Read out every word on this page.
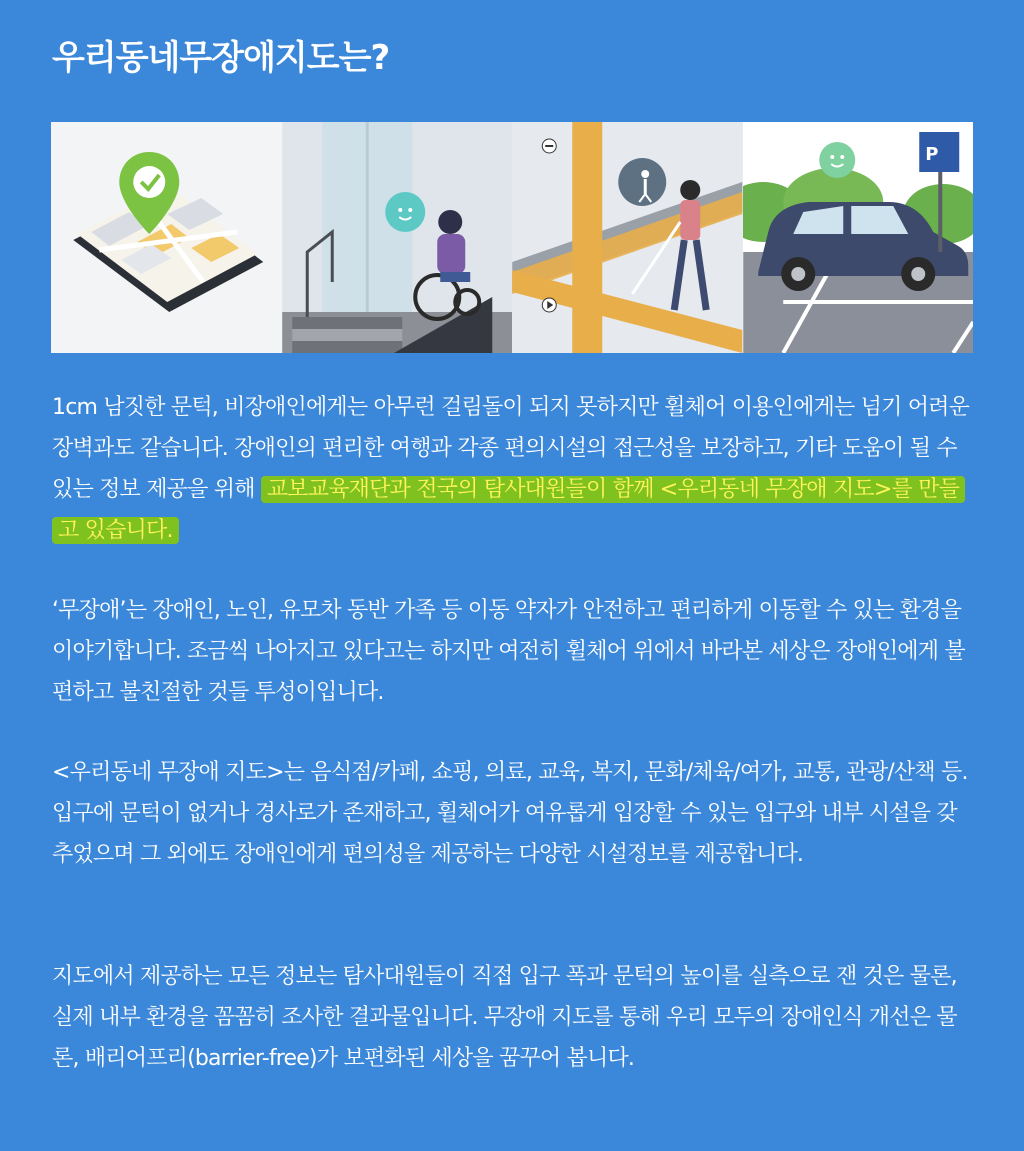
우리동네무장애지도는?
P

1cm 남짓한 문턱, 비장애인에게는 아무런 걸림돌이 되지 못하지만 휠체어 이용인에게는 넘기 어려운 장벽과도 같습니다. 장애인의 편리한 여행과 각종 편의시설의 접근성을 보장하고, 기타 도움이 될 수 있는 정보 제공을 위해 교보교육재단과 전국의 탐사대원들이 함께 <우리동네 무장애 지도>를 만들고 있습니다.

‘무장애’는 장애인, 노인, 유모차 동반 가족 등 이동 약자가 안전하고 편리하게 이동할 수 있는 환경을 이야기합니다. 조금씩 나아지고 있다고는 하지만 여전히 휠체어 위에서 바라본 세상은 장애인에게 불편하고 불친절한 것들 투성이입니다.

<우리동네 무장애 지도>는 음식점/카페, 쇼핑, 의료, 교육, 복지, 문화/체육/여가, 교통, 관광/산책 등. 입구에 문턱이 없거나 경사로가 존재하고, 휠체어가 여유롭게 입장할 수 있는 입구와 내부 시설을 갖추었으며 그 외에도 장애인에게 편의성을 제공하는 다양한 시설정보를 제공합니다.

지도에서 제공하는 모든 정보는 탐사대원들이 직접 입구 폭과 문턱의 높이를 실측으로 잰 것은 물론, 실제 내부 환경을 꼼꼼히 조사한 결과물입니다. 무장애 지도를 통해 우리 모두의 장애인식 개선은 물론, 배리어프리(barrier-free)가 보편화된 세상을 꿈꾸어 봅니다.
